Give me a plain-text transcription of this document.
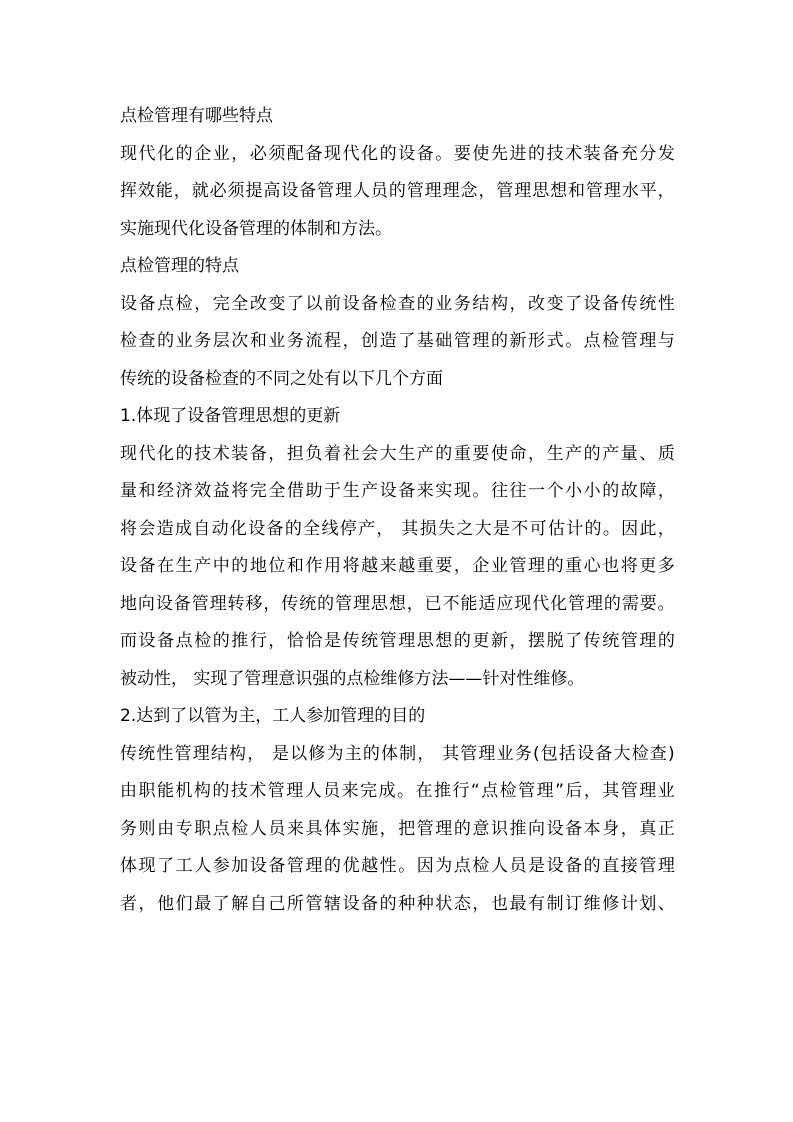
点检管理有哪些特点
现 代 化 的 企 业 ， 必 须 配 备 现 代 化 的 设 备 。 要 使 先 进 的 技 术 装 备 充 分 发
挥 效 能 ， 就 必 须 提 高 设 备 管 理 人 员 的 管 理 理 念 ， 管 理 思 想 和 管 理 水 平 ，
实施现代化设备管理的体制和方法。
点检管理的特点
设 备 点 检 ， 完 全 改 变 了 以 前 设 备 检 查 的 业 务 结 构 ， 改 变 了 设 备 传 统 性
检 查 的 业 务 层 次 和 业 务 流 程 ， 创 造 了 基 础 管 理 的 新 形 式 。 点 检 管 理 与
传统的设备检查的不同之处有以下几个方面
1.体现了设备管理思想的更新
现 代 化 的 技 术 装 备 ， 担 负 着 社 会 大 生 产 的 重 要 使 命 ， 生 产 的 产 量 、 质
量 和 经 济 效 益 将 完 全 借 助 于 生 产 设 备 来 实 现 。 往 往 一 个 小 小 的 故 障 ，
将 会 造 成 自 动 化 设 备 的 全 线 停 产 ，
其 损 失 之 大 是 不 可 估 计 的 。 因 此 ，
设 备 在 生 产 中 的 地 位 和 作 用 将 越 来 越 重 要 ， 企 业 管 理 的 重 心 也 将 更 多
地 向 设 备 管 理 转 移 ， 传 统 的 管 理 思 想 ， 已 不 能 适 应 现 代 化 管 理 的 需 要 。
而 设 备 点 检 的 推 行 ， 恰 恰 是 传 统 管 理 思 想 的 更 新 ， 摆 脱 了 传 统 管 理 的
被动性， 实现了管理意识强的点检维修方法——针对性维修。
2.达到了以管为主，工人参加管理的目的
传 统 性 管 理 结 构 ，
是 以 修 为 主 的 体 制 ，
其 管 理 业 务 ( 包 括 设 备 大 检 查 )
由 职 能 机 构 的 技 术 管 理 人 员 来 完 成 。 在 推 行 “ 点 检 管 理 ” 后 ， 其 管 理 业
务 则 由 专 职 点 检 人 员 来 具 体 实 施 ， 把 管 理 的 意 识 推 向 设 备 本 身 ， 真 正
体 现 了 工 人 参 加 设 备 管 理 的 优 越 性 。 因 为 点 检 人 员 是 设 备 的 直 接 管 理
者 ， 他 们 最 了 解 自 己 所 管 辖 设 备 的 种 种 状 态 ， 也 最 有 制 订 维 修 计 划 、
